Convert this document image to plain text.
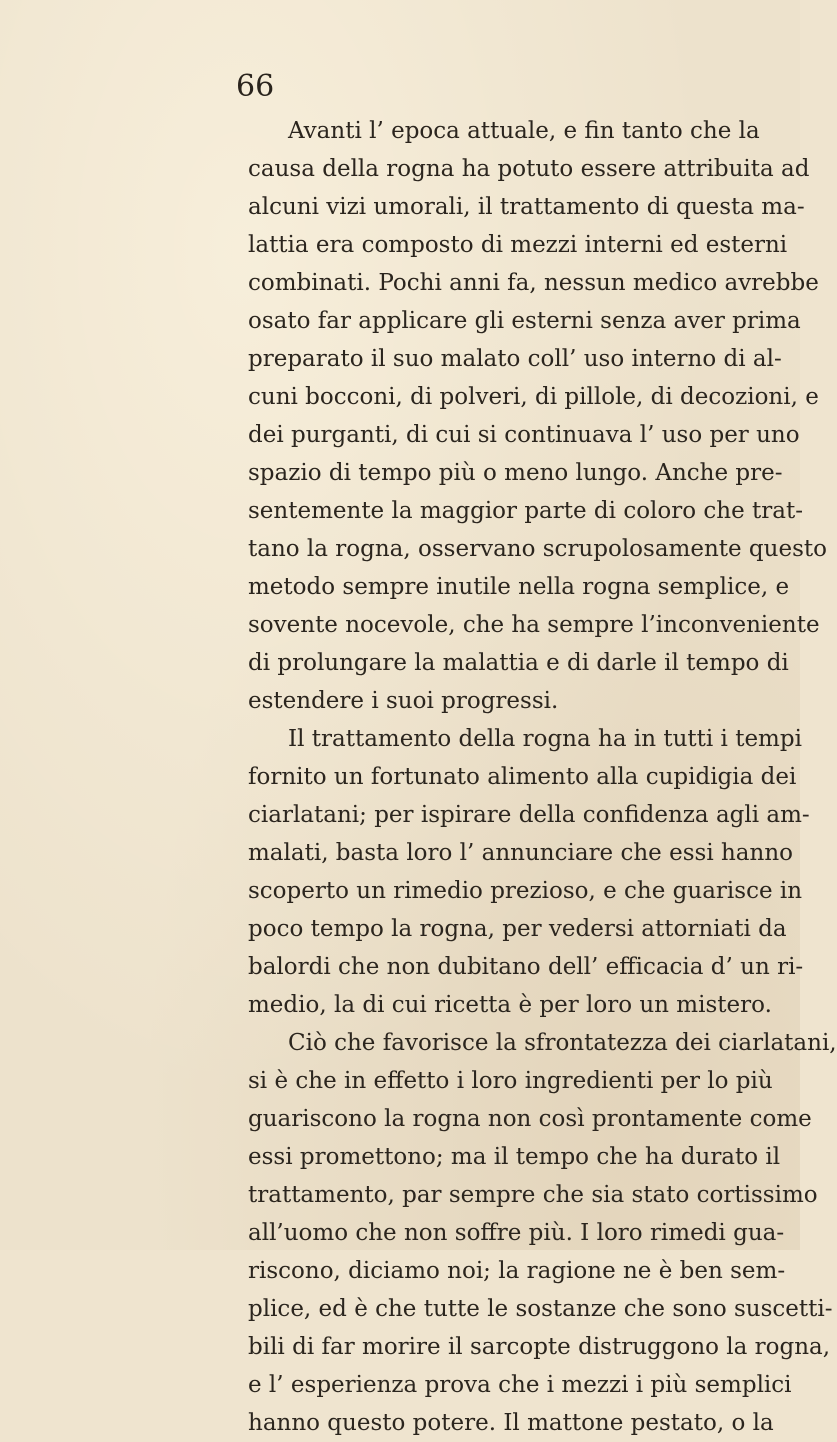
66
Avanti l’ epoca attuale, e fin tanto che la
causa della rogna ha potuto essere attribuita ad
alcuni vizi umorali, il trattamento di questa ma-
lattia era composto di mezzi interni ed esterni
combinati. Pochi anni fa, nessun medico avrebbe
osato far applicare gli esterni senza aver prima
preparato il suo malato coll’ uso interno di al-
cuni bocconi, di polveri, di pillole, di decozioni, e
dei purganti, di cui si continuava l’ uso per uno
spazio di tempo più o meno lungo. Anche pre-
sentemente la maggior parte di coloro che trat-
tano la rogna, osservano scrupolosamente questo
metodo sempre inutile nella rogna semplice, e
sovente nocevole, che ha sempre l’inconveniente
di prolungare la malattia e di darle il tempo di
estendere i suoi progressi.
Il trattamento della rogna ha in tutti i tempi
fornito un fortunato alimento alla cupidigia dei
ciarlatani; per ispirare della confidenza agli am-
malati, basta loro l’ annunciare che essi hanno
scoperto un rimedio prezioso, e che guarisce in
poco tempo la rogna, per vedersi attorniati da
balordi che non dubitano dell’ efficacia d’ un ri-
medio, la di cui ricetta è per loro un mistero.
Ciò che favorisce la sfrontatezza dei ciarlatani,
si è che in effetto i loro ingredienti per lo più
guariscono la rogna non così prontamente come
essi promettono; ma il tempo che ha durato il
trattamento, par sempre che sia stato cortissimo
all’uomo che non soffre più. I loro rimedi gua-
riscono, diciamo noi; la ragione ne è ben sem-
plice, ed è che tutte le sostanze che sono suscetti-
bili di far morire il sarcopte distruggono la rogna,
e l’ esperienza prova che i mezzi i più semplici
hanno questo potere. Il mattone pestato, o la
